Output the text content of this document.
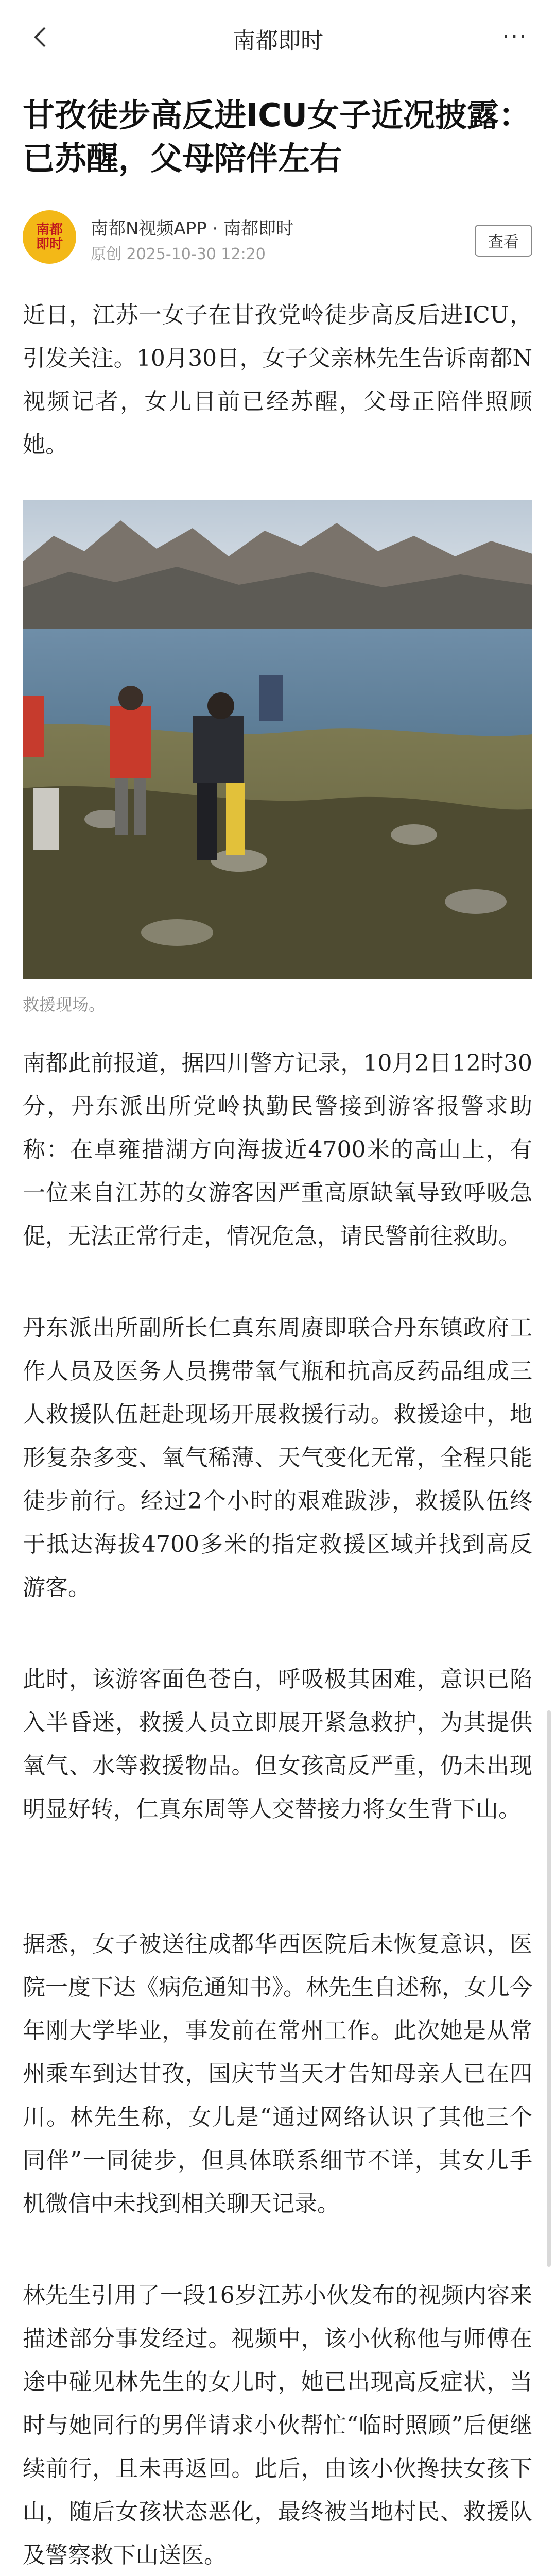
南都即时	···
甘孜徒步高反进ICU女子近况披露：已苏醒，父母陪伴左右
南都
即时
南都N视频APP · 南都即时
原创 2025-10-30 12:20
查看

近日，江苏一女子在甘孜党岭徒步高反后进ICU，引发关注。10月30日，女子父亲林先生告诉南都N视频记者，女儿目前已经苏醒，父母正陪伴照顾她。

救援现场。

南都此前报道，据四川警方记录，10月2日12时30分，丹东派出所党岭执勤民警接到游客报警求助称：在卓雍措湖方向海拔近4700米的高山上，有一位来自江苏的女游客因严重高原缺氧导致呼吸急促，无法正常行走，情况危急，请民警前往救助。

丹东派出所副所长仁真东周赓即联合丹东镇政府工作人员及医务人员携带氧气瓶和抗高反药品组成三人救援队伍赶赴现场开展救援行动。救援途中，地形复杂多变、氧气稀薄、天气变化无常，全程只能徒步前行。经过2个小时的艰难跋涉，救援队伍终于抵达海拔4700多米的指定救援区域并找到高反游客。

此时，该游客面色苍白，呼吸极其困难，意识已陷入半昏迷，救援人员立即展开紧急救护，为其提供氧气、水等救援物品。但女孩高反严重，仍未出现明显好转，仁真东周等人交替接力将女生背下山。

据悉，女子被送往成都华西医院后未恢复意识，医院一度下达《病危通知书》。林先生自述称，女儿今年刚大学毕业，事发前在常州工作。此次她是从常州乘车到达甘孜，国庆节当天才告知母亲人已在四川。林先生称，女儿是“通过网络认识了其他三个同伴”一同徒步，但具体联系细节不详，其女儿手机微信中未找到相关聊天记录。

林先生引用了一段16岁江苏小伙发布的视频内容来描述部分事发经过。视频中，该小伙称他与师傅在途中碰见林先生的女儿时，她已出现高反症状，当时与她同行的男伴请求小伙帮忙“临时照顾”后便继续前行，且未再返回。此后，由该小伙搀扶女孩下山，随后女孩状态恶化，最终被当地村民、救援队及警察救下山送医。
